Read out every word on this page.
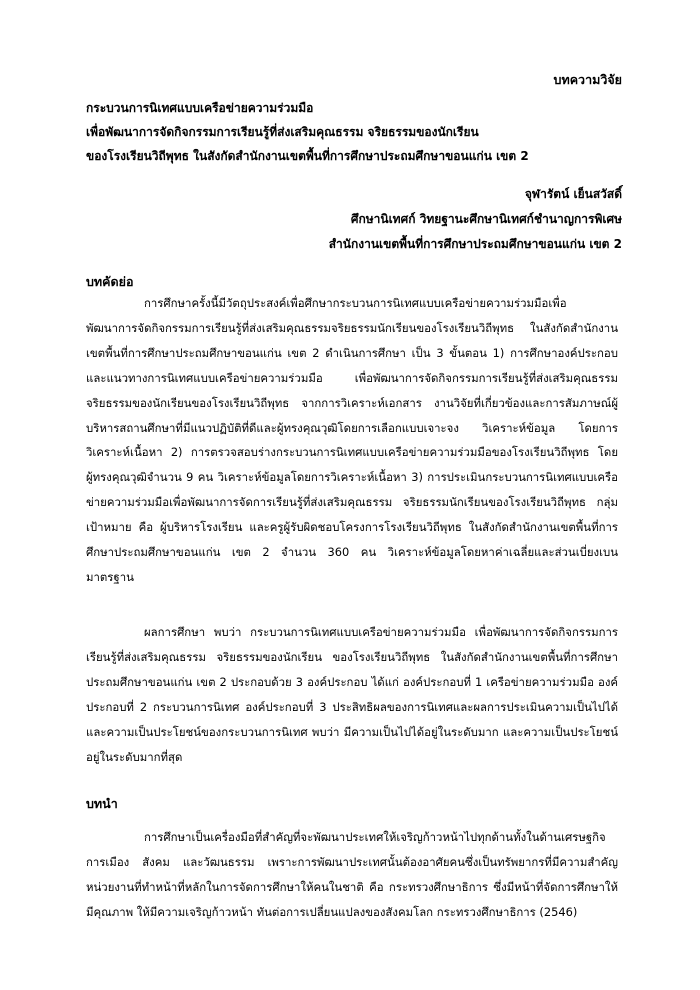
บทความวิจัย
กระบวนการนิเทศแบบเครือข่ายความร่วมมือ
เพื่อพัฒนาการจัดกิจกรรมการเรียนรู้ที่ส่งเสริมคุณธรรม จริยธรรมของนักเรียน
ของโรงเรียนวิถีพุทธ ในสังกัดสำนักงานเขตพื้นที่การศึกษาประถมศึกษาขอนแก่น เขต 2
จุฬารัตน์ เย็นสวัสดิ์
ศึกษานิเทศก์ วิทยฐานะศึกษานิเทศก์ชำนาญการพิเศษ
สำนักงานเขตพื้นที่การศึกษาประถมศึกษาขอนแก่น เขต 2
บทคัดย่อ

การศึกษาครั้งนี้มีวัตถุประสงค์เพื่อศึกษากระบวนการนิเทศแบบเครือข่ายความร่วมมือเพื่อพัฒนาการจัดกิจกรรมการเรียนรู้ที่ส่งเสริมคุณธรรมจริยธรรมนักเรียนของโรงเรียนวิถีพุทธ ในสังกัดสำนักงานเขตพื้นที่การศึกษาประถมศึกษาขอนแก่น เขต 2 ดำเนินการศึกษา เป็น 3 ขั้นตอน 1) การศึกษาองค์ประกอบและแนวทางการนิเทศแบบเครือข่ายความร่วมมือ เพื่อพัฒนาการจัดกิจกรรมการเรียนรู้ที่ส่งเสริมคุณธรรมจริยธรรมของนักเรียนของโรงเรียนวิถีพุทธ จากการวิเคราะห์เอกสาร งานวิจัยที่เกี่ยวข้องและการสัมภาษณ์ผู้บริหารสถานศึกษาที่มีแนวปฏิบัติที่ดีและผู้ทรงคุณวุฒิโดยการเลือกแบบเจาะจง วิเคราะห์ข้อมูล โดยการวิเคราะห์เนื้อหา 2) การตรวจสอบร่างกระบวนการนิเทศแบบเครือข่ายความร่วมมือของโรงเรียนวิถีพุทธ โดยผู้ทรงคุณวุฒิจำนวน 9 คน วิเคราะห์ข้อมูลโดยการวิเคราะห์เนื้อหา 3) การประเมินกระบวนการนิเทศแบบเครือข่ายความร่วมมือเพื่อพัฒนาการจัดการเรียนรู้ที่ส่งเสริมคุณธรรม จริยธรรมนักเรียนของโรงเรียนวิถีพุทธ กลุ่มเป้าหมาย คือ ผู้บริหารโรงเรียน และครูผู้รับผิดชอบโครงการโรงเรียนวิถีพุทธ ในสังกัดสำนักงานเขตพื้นที่การศึกษาประถมศึกษาขอนแก่น เขต 2 จำนวน 360 คน วิเคราะห์ข้อมูลโดยหาค่าเฉลี่ยและส่วนเบี่ยงเบนมาตรฐาน

ผลการศึกษา พบว่า กระบวนการนิเทศแบบเครือข่ายความร่วมมือ เพื่อพัฒนาการจัดกิจกรรมการเรียนรู้ที่ส่งเสริมคุณธรรม จริยธรรมของนักเรียน ของโรงเรียนวิถีพุทธ ในสังกัดสำนักงานเขตพื้นที่การศึกษาประถมศึกษาขอนแก่น เขต 2 ประกอบด้วย 3 องค์ประกอบ ได้แก่ องค์ประกอบที่ 1 เครือข่ายความร่วมมือ องค์ประกอบที่ 2 กระบวนการนิเทศ องค์ประกอบที่ 3 ประสิทธิผลของการนิเทศและผลการประเมินความเป็นไปได้และความเป็นประโยชน์ของกระบวนการนิเทศ พบว่า มีความเป็นไปได้อยู่ในระดับมาก และความเป็นประโยชน์อยู่ในระดับมากที่สุด

บทนำ

การศึกษาเป็นเครื่องมือที่สำคัญที่จะพัฒนาประเทศให้เจริญก้าวหน้าไปทุกด้านทั้งในด้านเศรษฐกิจ การเมือง สังคม และวัฒนธรรม เพราะการพัฒนาประเทศนั้นต้องอาศัยคนซึ่งเป็นทรัพยากรที่มีความสำคัญ หน่วยงานที่ทำหน้าที่หลักในการจัดการศึกษาให้คนในชาติ คือ กระทรวงศึกษาธิการ ซึ่งมีหน้าที่จัดการศึกษาให้มีคุณภาพ ให้มีความเจริญก้าวหน้า ทันต่อการเปลี่ยนแปลงของสังคมโลก กระทรวงศึกษาธิการ (2546)
